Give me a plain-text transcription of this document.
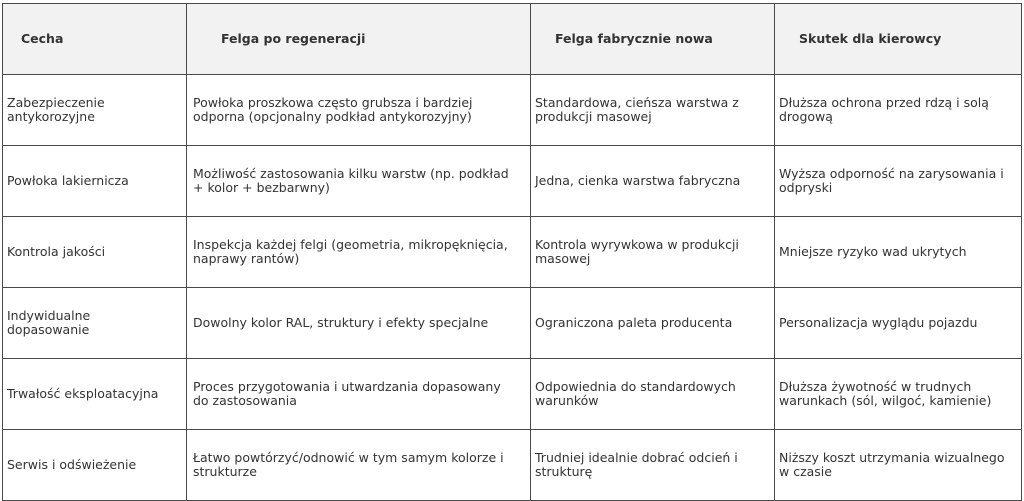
Cecha	Felga po regeneracji	Felga fabrycznie nowa	Skutek dla kierowcy
Zabezpieczenie antykorozyjne	Powłoka proszkowa często grubsza i bardziej odporna (opcjonalny podkład antykorozyjny)	Standardowa, cieńsza warstwa z produkcji masowej	Dłuższa ochrona przed rdzą i solą drogową
Powłoka lakiernicza	Możliwość zastosowania kilku warstw (np. podkład + kolor + bezbarwny)	Jedna, cienka warstwa fabryczna	Wyższa odporność na zarysowania i odpryski
Kontrola jakości	Inspekcja każdej felgi (geometria, mikropęknięcia, naprawy rantów)	Kontrola wyrywkowa w produkcji masowej	Mniejsze ryzyko wad ukrytych
Indywidualne dopasowanie	Dowolny kolor RAL, struktury i efekty specjalne	Ograniczona paleta producenta	Personalizacja wyglądu pojazdu
Trwałość eksploatacyjna	Proces przygotowania i utwardzania dopasowany do zastosowania	Odpowiednia do standardowych warunków	Dłuższa żywotność w trudnych warunkach (sól, wilgoć, kamienie)
Serwis i odświeżenie	Łatwo powtórzyć/odnowić w tym samym kolorze i strukturze	Trudniej idealnie dobrać odcień i strukturę	Niższy koszt utrzymania wizualnego w czasie
